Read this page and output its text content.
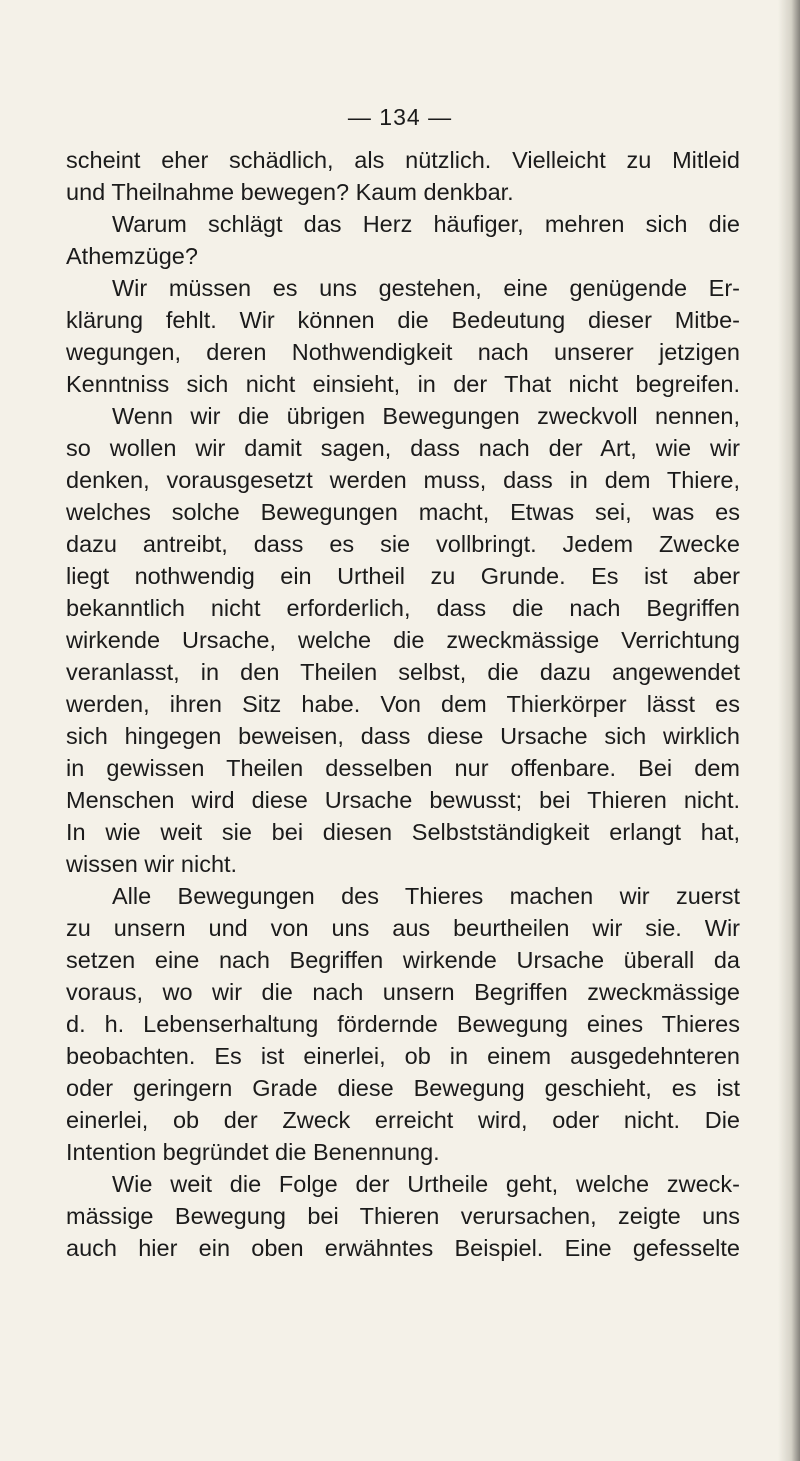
— 134 —
scheint eher schädlich, als nützlich. Vielleicht zu Mitleid
und Theilnahme bewegen? Kaum denkbar.
Warum schlägt das Herz häufiger, mehren sich die
Athemzüge?
Wir müssen es uns gestehen, eine genügende Er-
klärung fehlt. Wir können die Bedeutung dieser Mitbe-
wegungen, deren Nothwendigkeit nach unserer jetzigen
Kenntniss sich nicht einsieht, in der That nicht begreifen.
Wenn wir die übrigen Bewegungen zweckvoll nennen,
so wollen wir damit sagen, dass nach der Art, wie wir
denken, vorausgesetzt werden muss, dass in dem Thiere,
welches solche Bewegungen macht, Etwas sei, was es
dazu antreibt, dass es sie vollbringt. Jedem Zwecke
liegt nothwendig ein Urtheil zu Grunde. Es ist aber
bekanntlich nicht erforderlich, dass die nach Begriffen
wirkende Ursache, welche die zweckmässige Verrichtung
veranlasst, in den Theilen selbst, die dazu angewendet
werden, ihren Sitz habe. Von dem Thierkörper lässt es
sich hingegen beweisen, dass diese Ursache sich wirklich
in gewissen Theilen desselben nur offenbare. Bei dem
Menschen wird diese Ursache bewusst; bei Thieren nicht.
In wie weit sie bei diesen Selbstständigkeit erlangt hat,
wissen wir nicht.
Alle Bewegungen des Thieres machen wir zuerst
zu unsern und von uns aus beurtheilen wir sie. Wir
setzen eine nach Begriffen wirkende Ursache überall da
voraus, wo wir die nach unsern Begriffen zweckmässige
d. h. Lebenserhaltung fördernde Bewegung eines Thieres
beobachten. Es ist einerlei, ob in einem ausgedehnteren
oder geringern Grade diese Bewegung geschieht, es ist
einerlei, ob der Zweck erreicht wird, oder nicht. Die
Intention begründet die Benennung.
Wie weit die Folge der Urtheile geht, welche zweck-
mässige Bewegung bei Thieren verursachen, zeigte uns
auch hier ein oben erwähntes Beispiel. Eine gefesselte
